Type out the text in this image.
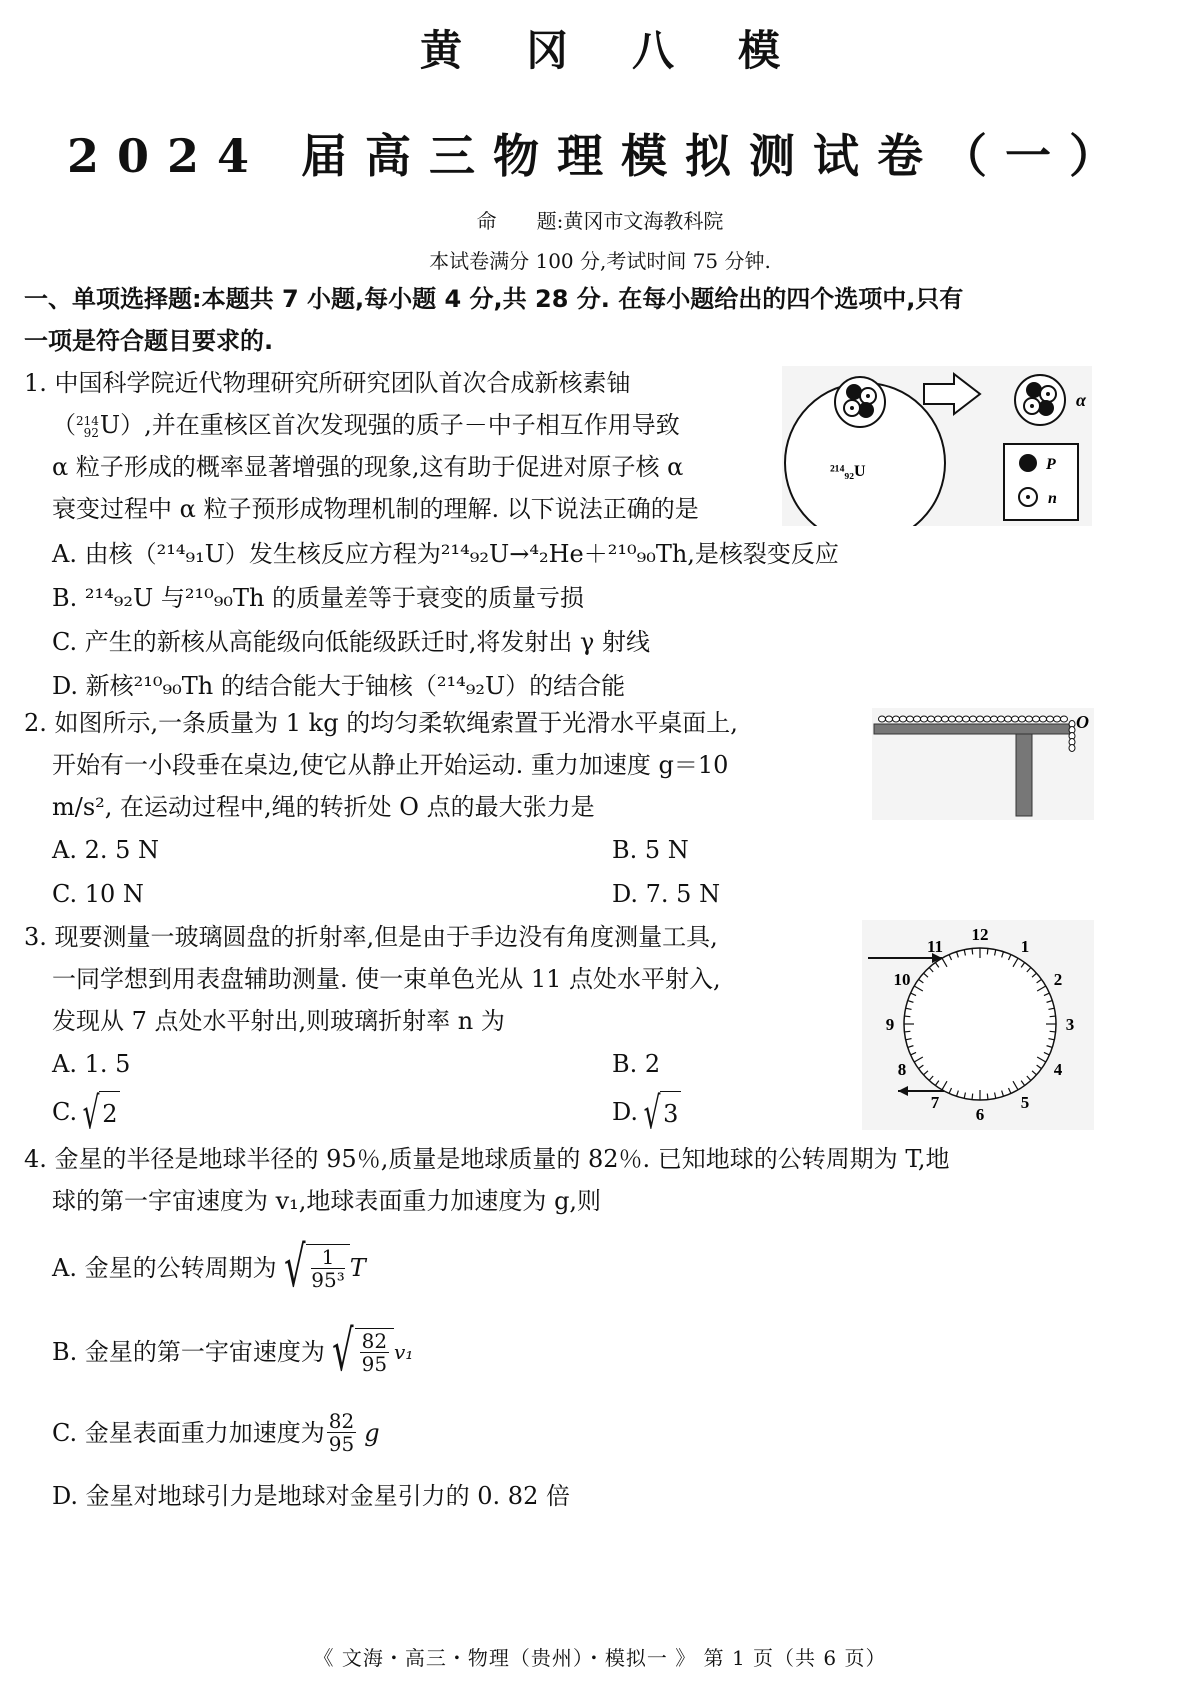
黄冈八模
2024 届高三物理模拟测试卷（一）
命　　题:黄冈市文海教科院
本试卷满分 100 分,考试时间 75 分钟.
一、单项选择题:本题共 7 小题,每小题 4 分,共 28 分. 在每小题给出的四个选项中,只有
一项是符合题目要求的.
1. 中国科学院近代物理研究所研究团队首次合成新核素铀
（ 214
92 U）,并在重核区首次发现强的质子－中子相互作用导致
α 粒子形成的概率显著增强的现象,这有助于促进对原子核 α
衰变过程中 α 粒子预形成物理机制的理解. 以下说法正确的是
A. 由核（²¹⁴₉₁U）发生核反应方程为²¹⁴₉₂U→⁴₂He＋²¹⁰₉₀Th,是核裂变反应
B. ²¹⁴₉₂U 与²¹⁰₉₀Th 的质量差等于衰变的质量亏损
C. 产生的新核从高能级向低能级跃迁时,将发射出 γ 射线
D. 新核²¹⁰₉₀Th 的结合能大于铀核（²¹⁴₉₂U）的结合能
²¹⁴₉₂U
α
P
n
2. 如图所示,一条质量为 1 kg 的均匀柔软绳索置于光滑水平桌面上,
开始有一小段垂在桌边,使它从静止开始运动. 重力加速度 g＝10
m/s², 在运动过程中,绳的转折处 O 点的最大张力是
A. 2. 5 N	B. 5 N
C. 10 N	D. 7. 5 N
O
3. 现要测量一玻璃圆盘的折射率,但是由于手边没有角度测量工具,
一同学想到用表盘辅助测量. 使一束单色光从 11 点处水平射入,
发现从 7 点处水平射出,则玻璃折射率 n 为
A. 1. 5	B. 2
C. √ 2	D. √ 3
12
1
2
3
4
5
6
7
8
9
10
11
4. 金星的半径是地球半径的 95％,质量是地球质量的 82％. 已知地球的公转周期为 T,地
球的第一宇宙速度为 v₁,地球表面重力加速度为 g,则
A. 金星的公转周期为 √ $\frac{1}{\text{95³}}$ T
B. 金星的第一宇宙速度为 √ $\frac{82}{95} v_1$
C. 金星表面重力加速度为 $\frac{82}{95}$ g
D. 金星对地球引力是地球对金星引力的 0. 82 倍
《 文海・高三・物理（贵州）・模拟一 》 第 1 页（共 6 页）
